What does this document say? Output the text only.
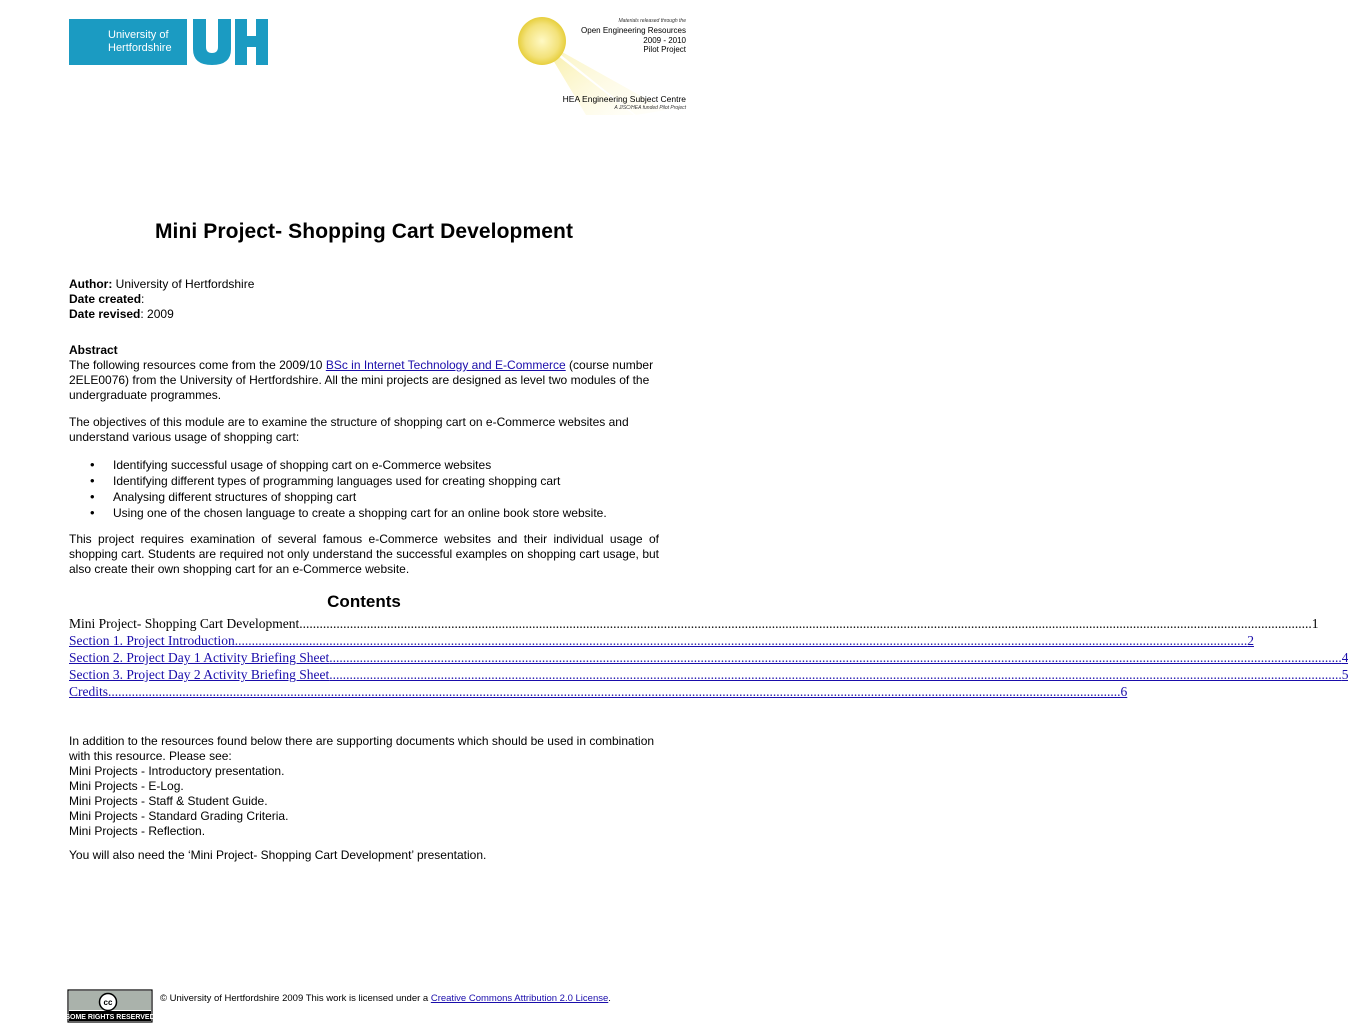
University of
Hertfordshire
Materials released through the
Open Engineering Resources
2009 - 2010
Pilot Project
HEA Engineering Subject Centre
A JISC/HEA funded Pilot Project
Mini Project- Shopping Cart Development
Author: University of Hertfordshire
Date created:
Date revised: 2009
Abstract
The following resources come from the 2009/10 BSc in Internet Technology and E-Commerce (course number 2ELE0076) from the University of Hertfordshire. All the mini projects are designed as level two modules of the undergraduate programmes.
The objectives of this module are to examine the structure of shopping cart on e-Commerce websites and understand various usage of shopping cart:
• Identifying successful usage of shopping cart on e-Commerce websites
• Identifying different types of programming languages used for creating shopping cart
• Analysing different structures of shopping cart
• Using one of the chosen language to create a shopping cart for an online book store website.
This project requires examination of several famous e-Commerce websites and their individual usage of shopping cart. Students are required not only understand the successful examples on shopping cart usage, but also create their own shopping cart for an e-Commerce website.
Contents
Mini Project- Shopping Cart Development ............................................................................................................................................................................................................................................................................................................ 1
Section 1. Project Introduction ............................................................................................................................................................................................................................................................................................................ 2
Section 2. Project Day 1 Activity Briefing Sheet ............................................................................................................................................................................................................................................................................................................ 4
Section 3. Project Day 2 Activity Briefing Sheet ............................................................................................................................................................................................................................................................................................................ 5
Credits ............................................................................................................................................................................................................................................................................................................ 6
In addition to the resources found below there are supporting documents which should be used in combination with this resource. Please see:
Mini Projects - Introductory presentation.
Mini Projects - E-Log.
Mini Projects - Staff & Student Guide.
Mini Projects - Standard Grading Criteria.
Mini Projects - Reflection.
You will also need the ‘Mini Project- Shopping Cart Development’ presentation.
cc
SOME RIGHTS RESERVED
© University of Hertfordshire 2009 This work is licensed under a Creative Commons Attribution 2.0 License.
